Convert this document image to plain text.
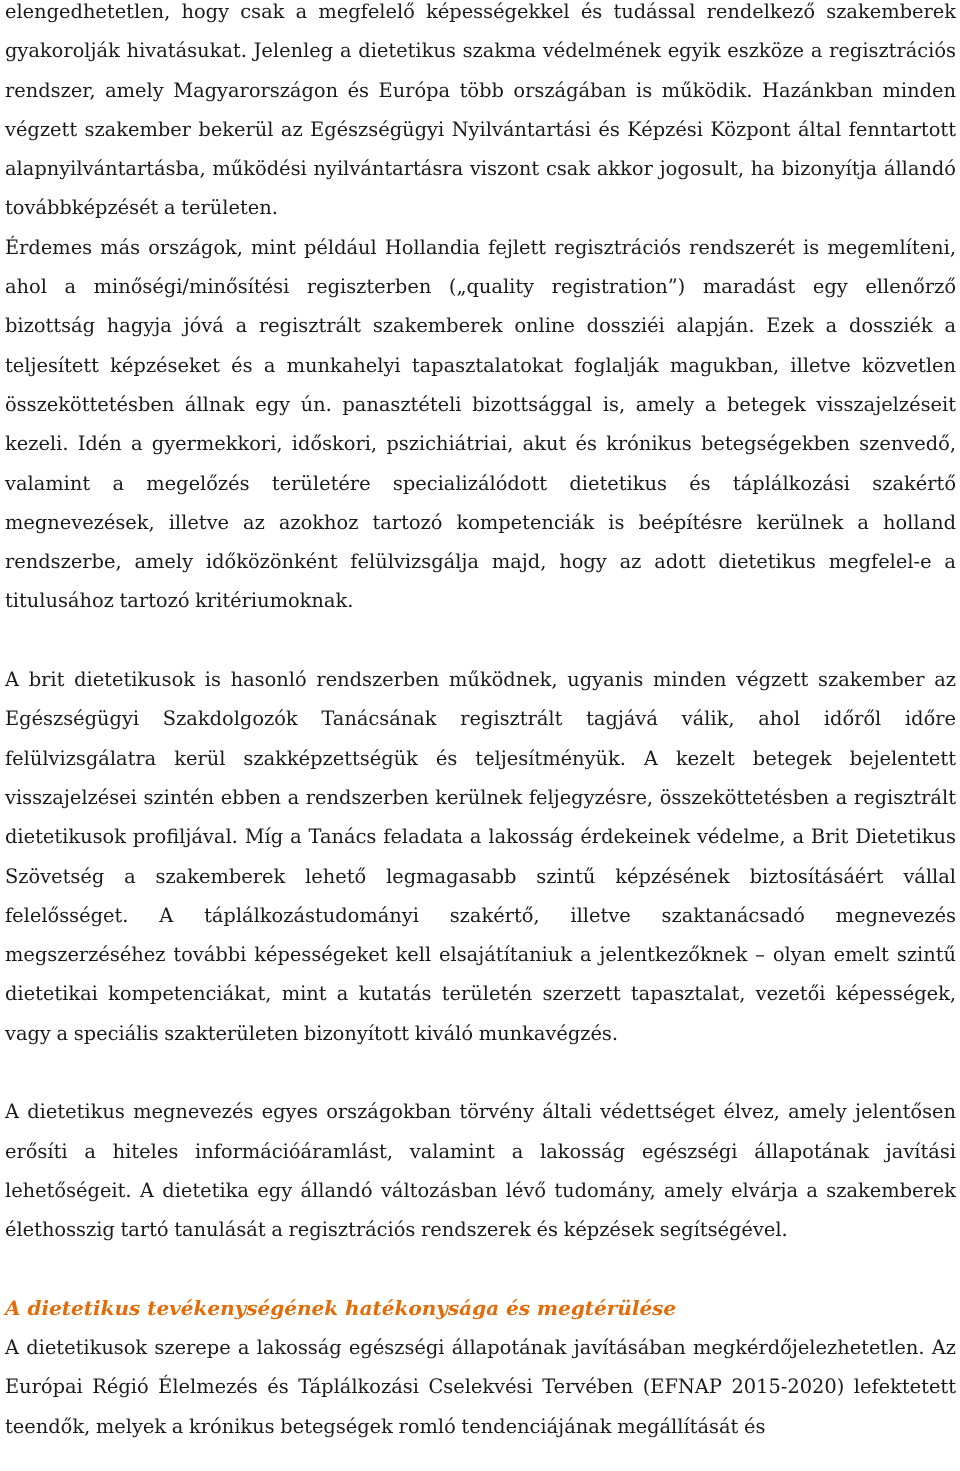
elengedhetetlen, hogy csak a megfelelő képességekkel és tudással rendelkező szakemberek gyakorolják hivatásukat. Jelenleg a dietetikus szakma védelmének egyik eszköze a regisztrációs rendszer, amely Magyarországon és Európa több országában is működik. Hazánkban minden végzett szakember bekerül az Egészségügyi Nyilvántartási és Képzési Központ által fenntartott alapnyilvántartásba, működési nyilvántartásra viszont csak akkor jogosult, ha bizonyítja állandó továbbképzését a területen.

Érdemes más országok, mint például Hollandia fejlett regisztrációs rendszerét is megemlíteni, ahol a minőségi/minősítési regiszterben („quality registration”) maradást egy ellenőrző bizottság hagyja jóvá a regisztrált szakemberek online dossziéi alapján. Ezek a dossziék a teljesített képzéseket és a munkahelyi tapasztalatokat foglalják magukban, illetve közvetlen összeköttetésben állnak egy ún. panasztételi bizottsággal is, amely a betegek visszajelzéseit kezeli. Idén a gyermekkori, időskori, pszichiátriai, akut és krónikus betegségekben szenvedő, valamint a megelőzés területére specializálódott dietetikus és táplálkozási szakértő megnevezések, illetve az azokhoz tartozó kompetenciák is beépítésre kerülnek a holland rendszerbe, amely időközönként felülvizsgálja majd, hogy az adott dietetikus megfelel-e a titulusához tartozó kritériumoknak.

A brit dietetikusok is hasonló rendszerben működnek, ugyanis minden végzett szakember az Egészségügyi Szakdolgozók Tanácsának regisztrált tagjává válik, ahol időről időre felülvizsgálatra kerül szakképzettségük és teljesítményük. A kezelt betegek bejelentett visszajelzései szintén ebben a rendszerben kerülnek feljegyzésre, összeköttetésben a regisztrált dietetikusok profiljával. Míg a Tanács feladata a lakosság érdekeinek védelme, a Brit Dietetikus Szövetség a szakemberek lehető legmagasabb szintű képzésének biztosításáért vállal felelősséget. A táplálkozástudományi szakértő, illetve szaktanácsadó megnevezés megszerzéséhez további képességeket kell elsajátítaniuk a jelentkezőknek – olyan emelt szintű dietetikai kompetenciákat, mint a kutatás területén szerzett tapasztalat, vezetői képességek, vagy a speciális szakterületen bizonyított kiváló munkavégzés.

A dietetikus megnevezés egyes országokban törvény általi védettséget élvez, amely jelentősen erősíti a hiteles információáramlást, valamint a lakosság egészségi állapotának javítási lehetőségeit. A dietetika egy állandó változásban lévő tudomány, amely elvárja a szakemberek élethosszig tartó tanulását a regisztrációs rendszerek és képzések segítségével.

A dietetikus tevékenységének hatékonysága és megtérülése

A dietetikusok szerepe a lakosság egészségi állapotának javításában megkérdőjelezhetetlen. Az Európai Régió Élelmezés és Táplálkozási Cselekvési Tervében (EFNAP 2015-2020) lefektetett teendők, melyek a krónikus betegségek romló tendenciájának megállítását és
